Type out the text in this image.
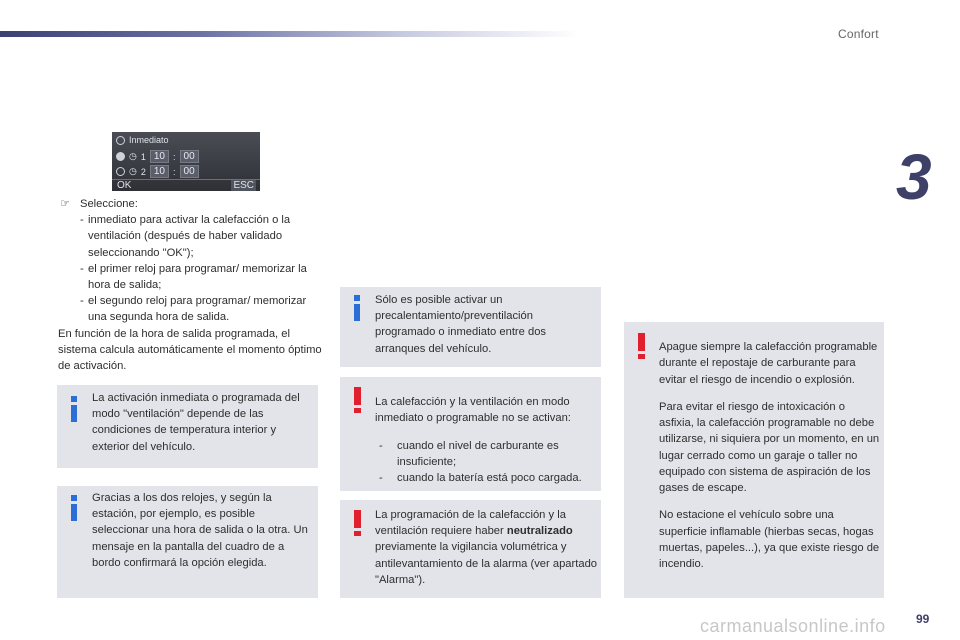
Confort
3
Inmediato
◷ 1 10 : 00
◷ 2 10 : 00
OK	ESC

☞ Seleccione:

- inmediato para activar la calefacción o la ventilación (después de haber validado seleccionando "OK");
- el primer reloj para programar/ memorizar la hora de salida;
- el segundo reloj para programar/ memorizar una segunda hora de salida.

En función de la hora de salida programada, el sistema calcula automáticamente el momento óptimo de activación.

La activación inmediata o programada del modo "ventilación" depende de las condiciones de temperatura interior y exterior del vehículo.
Gracias a los dos relojes, y según la estación, por ejemplo, es posible seleccionar una hora de salida o la otra. Un mensaje en la pantalla del cuadro de a bordo confirmará la opción elegida.
Sólo es posible activar un precalentamiento/preventilación programado o inmediato entre dos arranques del vehículo.

La calefacción y la ventilación en modo inmediato o programable no se activan:

- cuando el nivel de carburante es insuficiente;
- cuando la batería está poco cargada.
La programación de la calefacción y la ventilación requiere haber neutralizado previamente la vigilancia volumétrica y antilevantamiento de la alarma (ver apartado "Alarma").

Apague siempre la calefacción programable durante el repostaje de carburante para evitar el riesgo de incendio o explosión.

Para evitar el riesgo de intoxicación o asfixia, la calefacción programable no debe utilizarse, ni siquiera por un momento, en un lugar cerrado como un garaje o taller no equipado con sistema de aspiración de los gases de escape.

No estacione el vehículo sobre una superficie inflamable (hierbas secas, hogas muertas, papeles...), ya que existe riesgo de incendio.

carmanualsonline.info	99
